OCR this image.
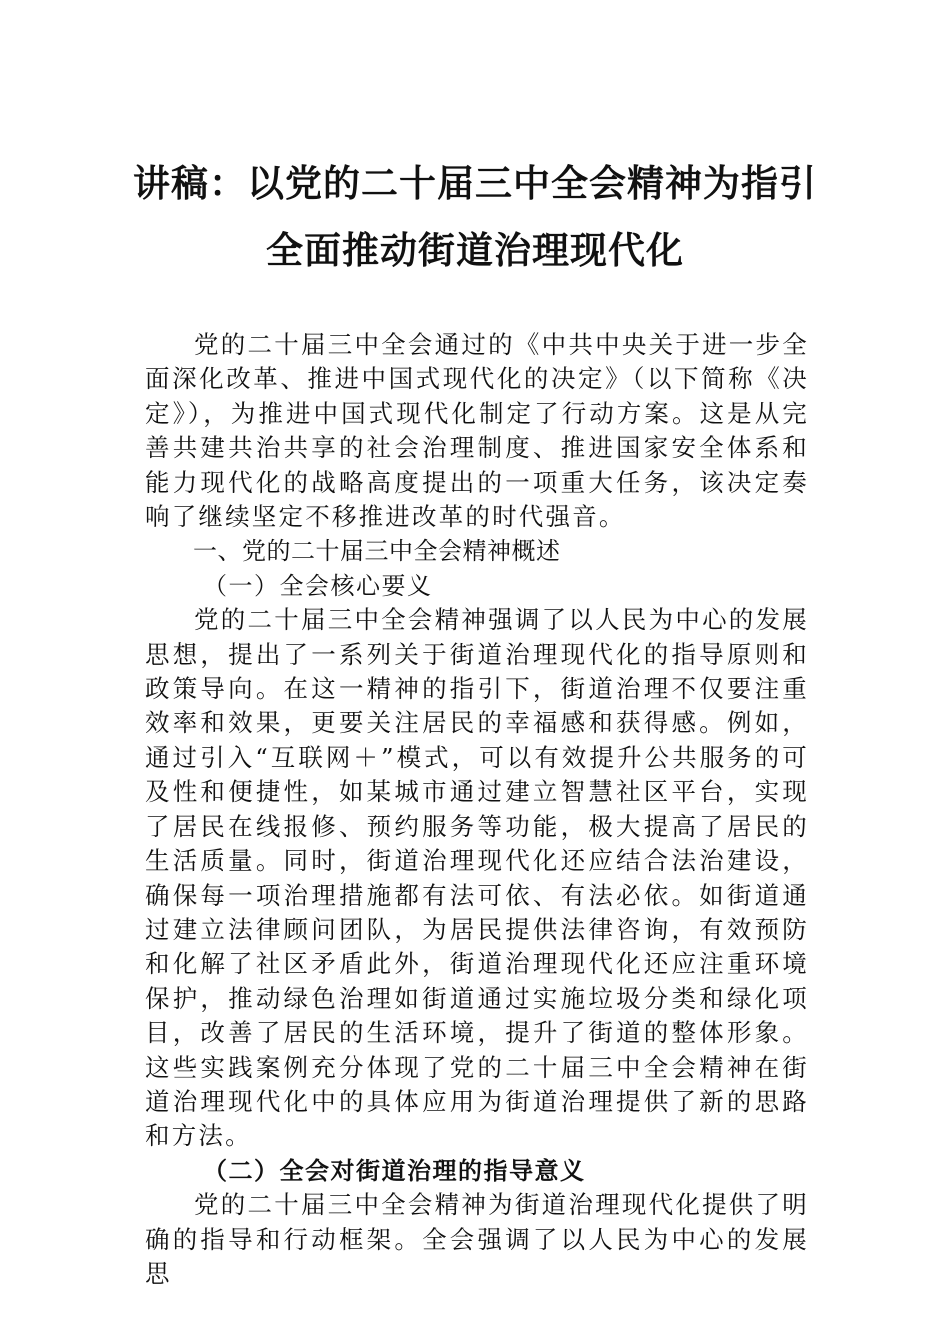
讲稿：以党的二十届三中全会精神为指引
全面推动街道治理现代化

党的二十届三中全会通过的《中共中央关于进一步全面深化改革、推进中国式现代化的决定》（以下简称《决定》），为推进中国式现代化制定了行动方案。这是从完善共建共治共享的社会治理制度、推进国家安全体系和能力现代化的战略高度提出的一项重大任务，该决定奏响了继续坚定不移推进改革的时代强音。

一、党的二十届三中全会精神概述

（一）全会核心要义

党的二十届三中全会精神强调了以人民为中心的发展思想，提出了一系列关于街道治理现代化的指导原则和政策导向。在这一精神的指引下，街道治理不仅要注重效率和效果，更要关注居民的幸福感和获得感。例如，通过引入“互联网＋”模式，可以有效提升公共服务的可及性和便捷性，如某城市通过建立智慧社区平台，实现了居民在线报修、预约服务等功能，极大提高了居民的生活质量。同时，街道治理现代化还应结合法治建设，确保每一项治理措施都有法可依、有法必依。如街道通过建立法律顾问团队，为居民提供法律咨询，有效预防和化解了社区矛盾此外，街道治理现代化还应注重环境保护，推动绿色治理如街道通过实施垃圾分类和绿化项目，改善了居民的生活环境，提升了街道的整体形象。这些实践案例充分体现了党的二十届三中全会精神在街道治理现代化中的具体应用为街道治理提供了新的思路和方法。

（二）全会对街道治理的指导意义

党的二十届三中全会精神为街道治理现代化提供了明确的指导和行动框架。全会强调了以人民为中心的发展思
